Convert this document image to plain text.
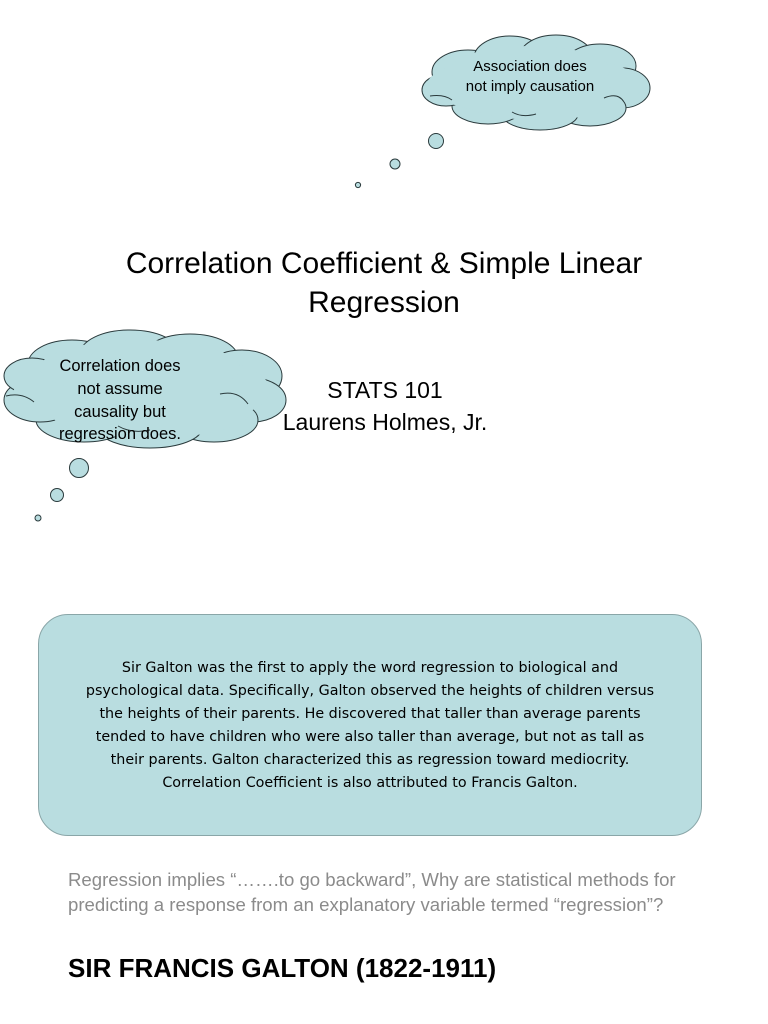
Association does
not imply causation
Correlation does
not assume
causality but
regression does.
Correlation Coefficient & Simple Linear Regression
STATS 101
Laurens Holmes, Jr.
Sir Galton was the first to apply the word regression to biological and psychological data. Specifically, Galton observed the heights of children versus the heights of their parents. He discovered that taller than average parents tended to have children who were also taller than average, but not as tall as their parents. Galton characterized this as regression toward mediocrity. Correlation Coefficient is also attributed to Francis Galton.
Regression implies “…….to go backward”, Why are statistical methods for predicting a response from an explanatory variable termed “regression”?
SIR FRANCIS GALTON (1822-1911)
